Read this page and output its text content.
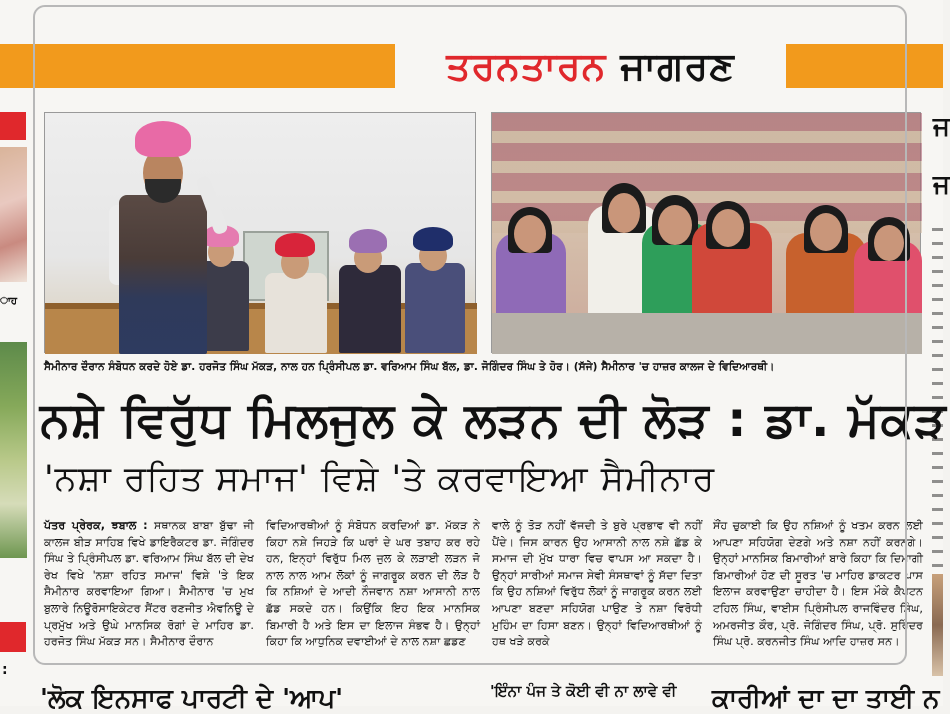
ਤਰਨਤਾਰਨ ਜਾਗਰਣ
ਾਹ
:
ਜ
ਜ
ਸੈਮੀਨਾਰ ਦੌਰਾਨ ਸੰਬੋਧਨ ਕਰਦੇ ਹੋਏ ਡਾ. ਹਰਜੋਤ ਸਿੰਘ ਮੱਕੜ, ਨਾਲ ਹਨ ਪ੍ਰਿੰਸੀਪਲ ਡਾ. ਵਰਿਆਮ ਸਿੰਘ ਬੱਲ, ਡਾ. ਜੋਗਿੰਦਰ ਸਿੰਘ ਤੇ ਹੋਰ। (ਸੱਜੇ) ਸੈਮੀਨਾਰ 'ਚ ਹਾਜ਼ਰ ਕਾਲਜ ਦੇ ਵਿਦਿਆਰਥੀ।
ਨਸ਼ੇ ਵਿਰੁੱਧ ਮਿਲਜੁਲ ਕੇ ਲੜਨ ਦੀ ਲੋੜ : ਡਾ. ਮੱਕੜ
'ਨਸ਼ਾ ਰਹਿਤ ਸਮਾਜ' ਵਿਸ਼ੇ 'ਤੇ ਕਰਵਾਇਆ ਸੈਮੀਨਾਰ
ਪੱਤਰ ਪ੍ਰੇਰਕ, ਝਬਾਲ : ਸਥਾਨਕ ਬਾਬਾ ਬੁੱਢਾ ਜੀ ਕਾਲਜ ਬੀੜ ਸਾਹਿਬ ਵਿਖੇ ਡਾਇਰੈਕਟਰ ਡਾ. ਜੋਗਿੰਦਰ ਸਿੰਘ ਤੇ ਪ੍ਰਿੰਸੀਪਲ ਡਾ. ਵਰਿਆਮ ਸਿੰਘ ਬੱਲ ਦੀ ਦੇਖ ਰੇਖ ਵਿਖੇ 'ਨਸ਼ਾ ਰਹਿਤ ਸਮਾਜ' ਵਿਸ਼ੇ 'ਤੇ ਇਕ ਸੈਮੀਨਾਰ ਕਰਵਾਇਆ ਗਿਆ। ਸੈਮੀਨਾਰ 'ਚ ਮੁਖ ਬੁਲਾਰੇ ਨਿਊਰੋਸਾਇਕੇਟਰ ਸੈਂਟਰ ਰਣਜੀਤ ਐਵਨਿਊ ਦੇ ਪ੍ਰਮੁੱਖ ਅਤੇ ਉਘੇ ਮਾਨਸਿਕ ਰੋਗਾਂ ਦੇ ਮਾਹਿਰ ਡਾ. ਹਰਜੋਤ ਸਿੰਘ ਮੱਕੜ ਸਨ। ਸੈਮੀਨਾਰ ਦੌਰਾਨ
ਵਿਦਿਆਰਥੀਆਂ ਨੂੰ ਸੰਬੋਧਨ ਕਰਦਿਆਂ ਡਾ. ਮੱਕੜ ਨੇ ਕਿਹਾ ਨਸ਼ੇ ਜਿਹੜੇ ਕਿ ਘਰਾਂ ਦੇ ਘਰ ਤਬਾਹ ਕਰ ਰਹੇ ਹਨ, ਇਨ੍ਹਾਂ ਵਿਰੁੱਧ ਮਿਲ ਜੁਲ ਕੇ ਲੜਾਈ ਲੜਨ ਜੋ ਨਾਲ ਨਾਲ ਆਮ ਲੋਕਾਂ ਨੂੰ ਜਾਗਰੂਕ ਕਰਨ ਦੀ ਲੋੜ ਹੈ ਕਿ ਨਸ਼ਿਆਂ ਦੇ ਆਦੀ ਨੌਜਵਾਨ ਨਸ਼ਾ ਆਸਾਨੀ ਨਾਲ ਛੱਡ ਸਕਦੇ ਹਨ। ਕਿਉਂਕਿ ਇਹ ਇਕ ਮਾਨਸਿਕ ਬਿਮਾਰੀ ਹੈ ਅਤੇ ਇਸ ਦਾ ਇਲਾਜ ਸੰਭਵ ਹੈ। ਉਨ੍ਹਾਂ ਕਿਹਾ ਕਿ ਆਧੁਨਿਕ ਦਵਾਈਆਂ ਦੇ ਨਾਲ ਨਸ਼ਾ ਛਡਣ
ਵਾਲੇ ਨੂੰ ਤੋੜ ਨਹੀਂ ਵੱਜਦੀ ਤੇ ਬੁਰੇ ਪ੍ਰਭਾਵ ਵੀ ਨਹੀਂ ਪੈਂਦੇ। ਜਿਸ ਕਾਰਨ ਉਹ ਆਸਾਨੀ ਨਾਲ ਨਸ਼ੇ ਛੱਡ ਕੇ ਸਮਾਜ ਦੀ ਮੁੱਖ ਧਾਰਾ ਵਿਚ ਵਾਪਸ ਆ ਸਕਦਾ ਹੈ। ਉਨ੍ਹਾਂ ਸਾਰੀਆਂ ਸਮਾਜ ਸੇਵੀ ਸੰਸਥਾਵਾਂ ਨੂੰ ਸੱਦਾ ਦਿਤਾ ਕਿ ਉਹ ਨਸ਼ਿਆਂ ਵਿਰੁੱਧ ਲੋਕਾਂ ਨੂੰ ਜਾਗਰੂਕ ਕਰਨ ਲਈ ਆਪਣਾ ਬਣਦਾ ਸਹਿਯੋਗ ਪਾਉਣ ਤੇ ਨਸ਼ਾ ਵਿਰੋਧੀ ਮੁਹਿੰਮ ਦਾ ਹਿਸਾ ਬਣਨ। ਉਨ੍ਹਾਂ ਵਿਦਿਆਰਥੀਆਂ ਨੂੰ ਹਥ ਖੜੇ ਕਰਕੇ
ਸੌਂਹ ਚੁਕਾਈ ਕਿ ਉਹ ਨਸ਼ਿਆਂ ਨੂੰ ਖਤਮ ਕਰਨ ਲਈ ਆਪਣਾ ਸਹਿਯੋਗ ਦੇਣਗੇ ਅਤੇ ਨਸ਼ਾ ਨਹੀਂ ਕਰਨਗੇ। ਉਨ੍ਹਾਂ ਮਾਨਸਿਕ ਬਿਮਾਰੀਆਂ ਬਾਰੇ ਕਿਹਾ ਕਿ ਦਿਮਾਗੀ ਬਿਮਾਰੀਆਂ ਹੋਣ ਦੀ ਸੂਰਤ 'ਚ ਮਾਹਿਰ ਡਾਕਟਰ ਪਾਸ ਇਲਾਜ ਕਰਵਾਉਣਾ ਚਾਹੀਦਾ ਹੈ। ਇਸ ਮੌਕੇ ਕੈਪਟਨ ਟਹਿਲ ਸਿੰਘ, ਵਾਈਸ ਪ੍ਰਿੰਸੀਪਲ ਰਾਜਵਿੰਦਰ ਸਿੰਘ, ਅਮਰਜੀਤ ਕੌਰ, ਪ੍ਰੋ. ਜੋਗਿੰਦਰ ਸਿੰਘ, ਪ੍ਰੋ. ਸੁਰਿੰਦਰ ਸਿੰਘ ਪ੍ਰੋ. ਕਰਨਜੀਤ ਸਿੰਘ ਆਦਿ ਹਾਜ਼ਰ ਸਨ।
'ਲੋਕ ਇਨਸਾਫ ਪਾਰਟੀ ਦੇ 'ਆਪ'	'ਇੰਨਾ ਪੰਜ ਤੇ ਕੋਈ ਵੀ ਨਾ ਲਾਵੇ ਵੀ ਕਾਰੀਆਂ ਦਾ ਦਾ ਤਾਈ ਨ
